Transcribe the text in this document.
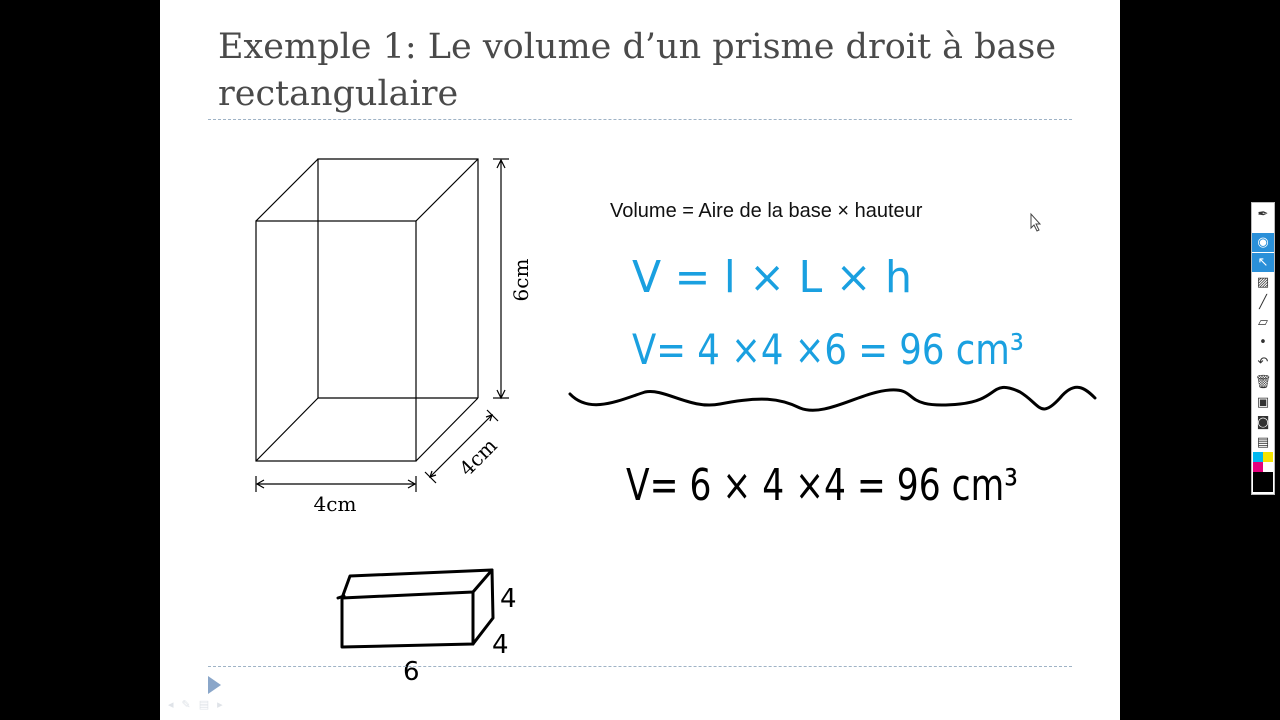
Exemple 1: Le volume d’un prisme droit à base rectangulaire
6cm
4cm
4cm
V = l × L × h
V= 4 ×4 ×6 = 96 cm³
V= 6 × 4 ×4 = 96 cm³
4
4
6
Volume = Aire de la base × hauteur
◂ ✎ ▤ ▸
✒
◉
↖
▨
╱
▱
•
↶
🗑
▣
◙
▤
